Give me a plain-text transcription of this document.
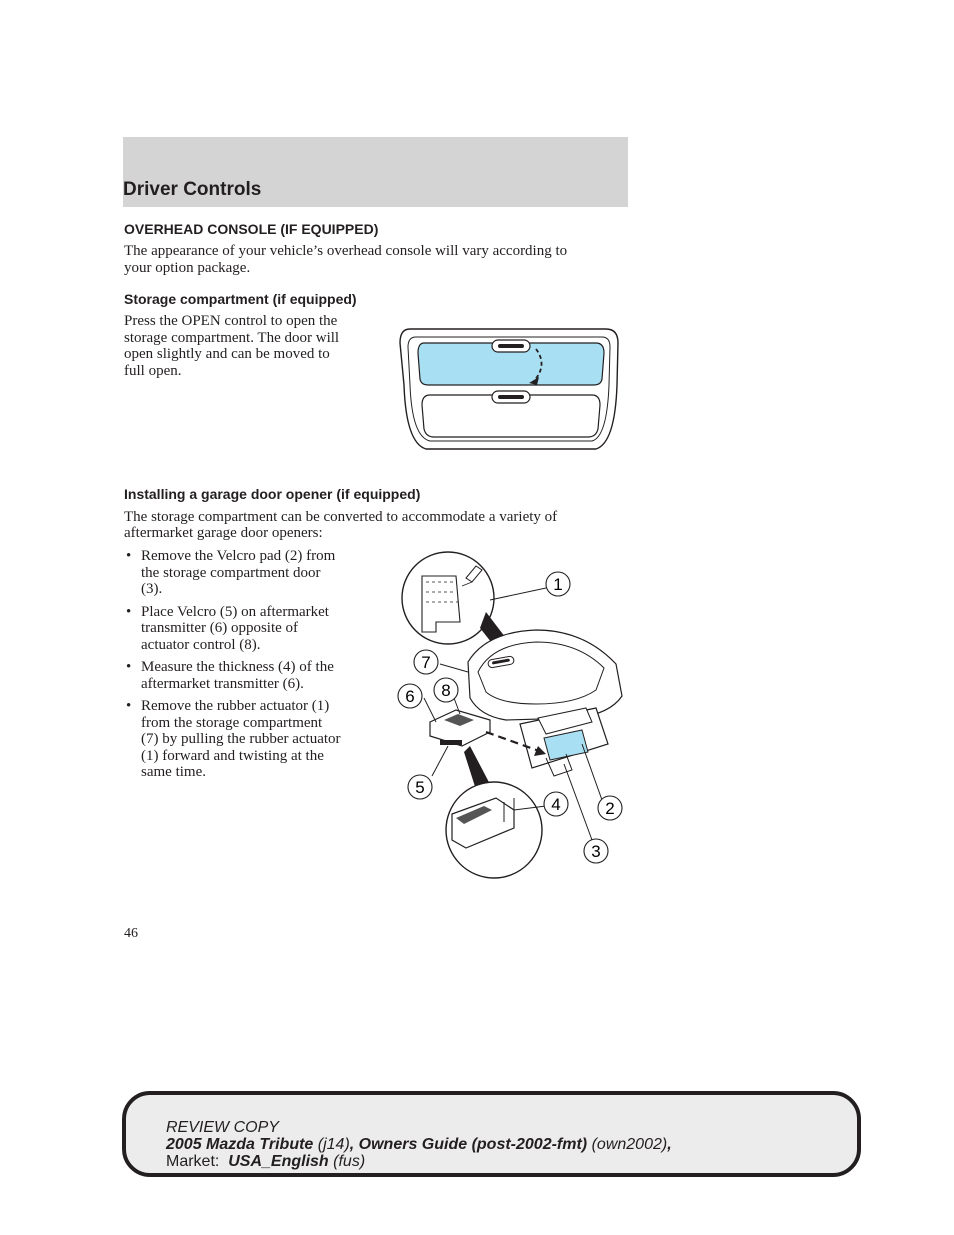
Driver Controls
OVERHEAD CONSOLE (IF EQUIPPED)
The appearance of your vehicle’s overhead console will vary according to
your option package.
Storage compartment (if equipped)
Press the OPEN control to open the
storage compartment. The door will
open slightly and can be moved to
full open.
Installing a garage door opener (if equipped)
The storage compartment can be converted to accommodate a variety of
aftermarket garage door openers:
• Remove the Velcro pad (2) from
the storage compartment door
(3).
• Place Velcro (5) on aftermarket
transmitter (6) opposite of
actuator control (8).
• Measure the thickness (4) of the
aftermarket transmitter (6).
• Remove the rubber actuator (1)
from the storage compartment
(7) by pulling the rubber actuator
(1) forward and twisting at the
same time.
1
7
6 8
5
4	2
3
46
REVIEW COPY
2005 Mazda Tribute (j14), Owners Guide (post-2002-fmt) (own2002),
Market:  USA_English (fus)
